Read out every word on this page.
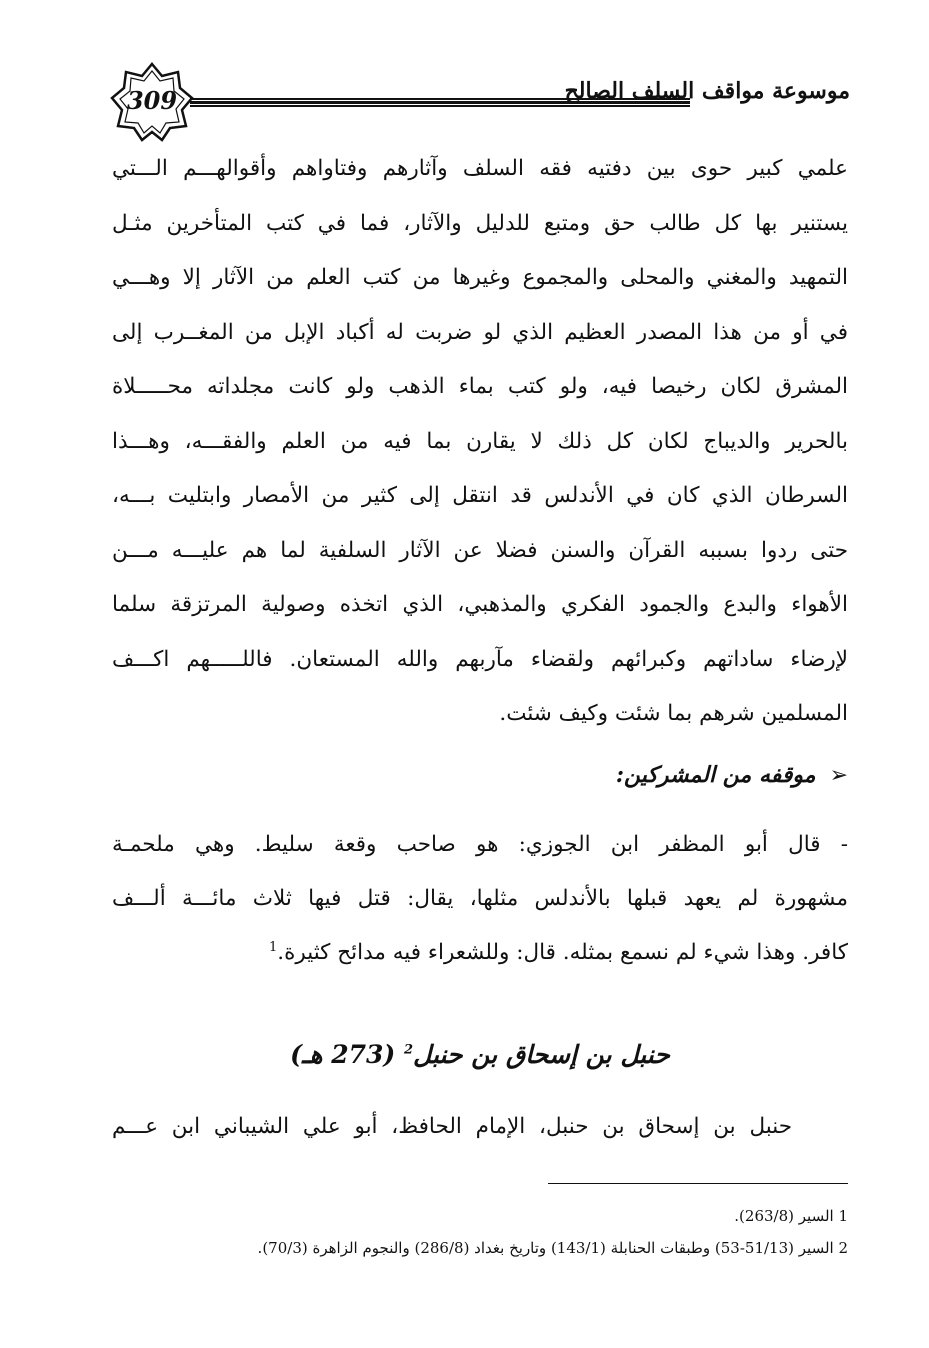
309	موسوعة مواقف السلف الصالح
علمي كبير حوى بين دفتيه فقه السلف وآثارهم وفتاواهم وأقوالهـــم الـــتي
يستنير بها كل طالب حق ومتبع للدليل والآثار، فما في كتب المتأخرين مثـل
التمهيد والمغني والمحلى والمجموع وغيرها من كتب العلم من الآثار إلا وهـــي
في أو من هذا المصدر العظيم الذي لو ضربت له أكباد الإبل من المغــرب إلى
المشرق لكان رخيصا فيه، ولو كتب بماء الذهب ولو كانت مجلداته محـــــلاة
بالحرير والديباج لكان كل ذلك لا يقارن بما فيه من العلم والفقـــه، وهـــذا
السرطان الذي كان في الأندلس قد انتقل إلى كثير من الأمصار وابتليت بـــه،
حتى ردوا بسببه القرآن والسنن فضلا عن الآثار السلفية لما هم عليـــه مـــن
الأهواء والبدع والجمود الفكري والمذهبي، الذي اتخذه وصولية المرتزقة سلما
لإرضاء ساداتهم وكبرائهم ولقضاء مآربهم والله المستعان. فاللـــــهم اكـــف
المسلمين شرهم بما شئت وكيف شئت.
➢موقفه من المشركين:
- قال أبو المظفر ابن الجوزي: هو صاحب وقعة سليط. وهي ملحمـة
مشهورة لم يعهد قبلها بالأندلس مثلها، يقال: قتل فيها ثلاث مائـــة ألـــف
كافر. وهذا شيء لم نسمع بمثله. قال: وللشعراء فيه مدائح كثيرة.$^1$
حنبل بن إسحاق بن حنبل$^2$ (273 هـ)
حنبل بن إسحاق بن حنبل، الإمام الحافظ، أبو علي الشيباني ابن عـــم
1 السير (263/8).
2 السير (51/13-53) وطبقات الحنابلة (143/1) وتاريخ بغداد (286/8) والنجوم الزاهرة (70/3).
